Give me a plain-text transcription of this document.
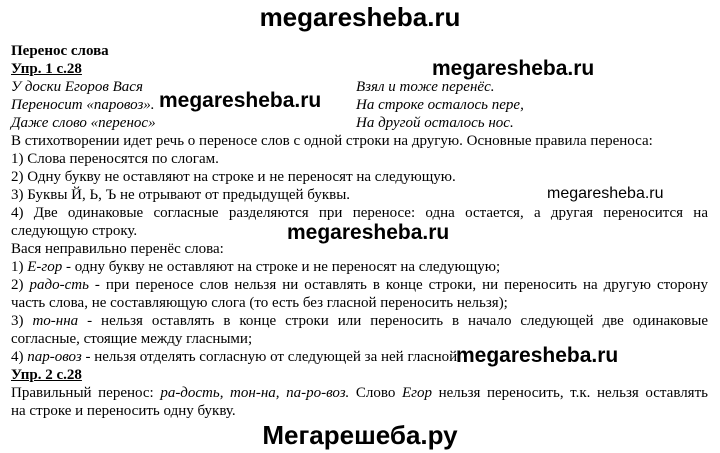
megaresheba.ru
Перенос слова
Упр. 1 с.28
У доски Егоров Вася
Переносит «паровоз».
Даже слово «перенос»
Взял и тоже перенёс.
На строке осталось пере,
На другой осталось нос.
megaresheba.ru
megaresheba.ru
В стихотворении идет речь о переносе слов с одной строки на другую. Основные правила переноса:
1) Слова переносятся по слогам.
2) Одну букву не оставляют на строке и не переносят на следующую.
3) Буквы Й, Ь, Ъ не отрывают от предыдущей буквы.	megaresheba.ru
4) Две одинаковые согласные разделяются при переносе: одна остается, а другая переносится на
следующую строку.	megaresheba.ru
Вася неправильно перенёс слова:
1) Е-гор - одну букву не оставляют на строке и не переносят на следующую;
2) радо-сть - при переносе слов нельзя ни оставлять в конце строки, ни переносить на другую сторону
часть слова, не составляющую слога (то есть без гласной переносить нельзя);
3) то-нна - нельзя оставлять в конце строки или переносить в начало следующей две одинаковые
согласные, стоящие между гласными;
4) пар-овоз - нельзя отделять согласную от следующей за ней гласной.
megaresheba.ru
Упр. 2 с.28
Правильный перенос: ра-дость, тон-на, па-ро-воз. Слово Егор нельзя переносить, т.к. нельзя оставлять
на строке и переносить одну букву.
Мегарешеба.ру
